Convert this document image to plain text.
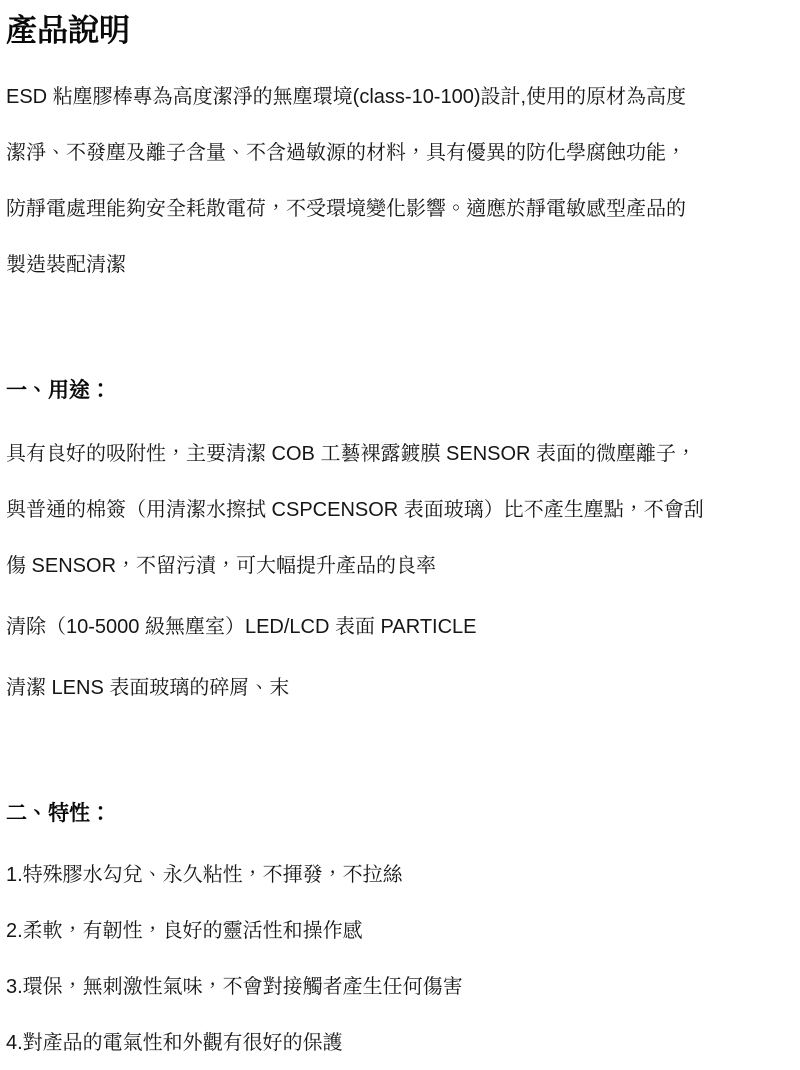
產品說明
ESD 粘塵膠棒專為高度潔淨的無塵環境(class-10-100)設計,使用的原材為高度
潔淨、不發塵及離子含量、不含過敏源的材料，具有優異的防化學腐蝕功能，
防靜電處理能夠安全耗散電荷，不受環境變化影響。適應於靜電敏感型產品的
製造裝配清潔
一、用途：
具有良好的吸附性，主要清潔 COB 工藝裸露鍍膜 SENSOR 表面的微塵離子，
與普通的棉簽（用清潔水擦拭 CSPCENSOR 表面玻璃）比不產生塵點，不會刮
傷 SENSOR，不留污漬，可大幅提升產品的良率
清除（10-5000 級無塵室）LED/LCD 表面 PARTICLE
清潔 LENS 表面玻璃的碎屑、末
二、特性：
1.特殊膠水勾兌、永久粘性，不揮發，不拉絲
2.柔軟，有韌性，良好的靈活性和操作感
3.環保，無刺激性氣味，不會對接觸者產生任何傷害
4.對產品的電氣性和外觀有很好的保護
